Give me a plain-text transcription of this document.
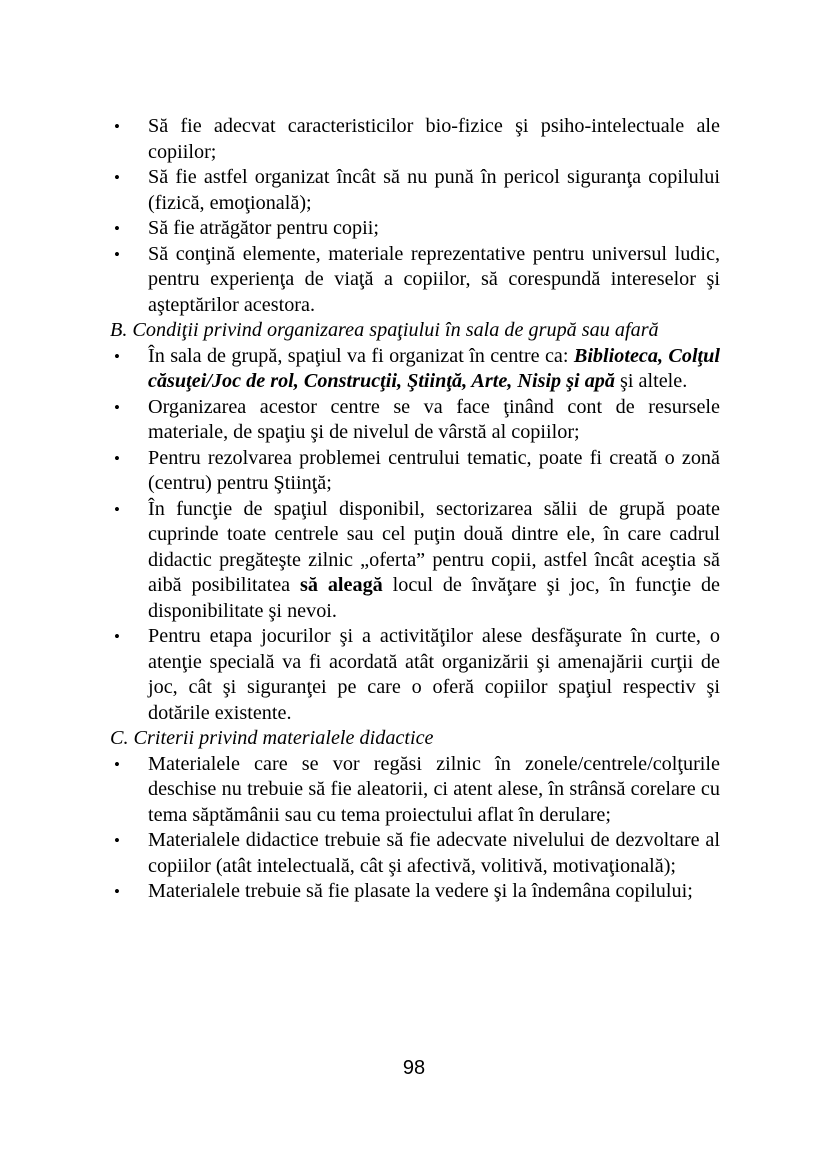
•	Să fie adecvat caracteristicilor bio-fizice şi psiho-intelectuale ale copiilor;
•	Să fie astfel organizat încât să nu pună în pericol siguranţa copilului (fizică, emoţională);
•	Să fie atrăgător pentru copii;
•	Să conţină elemente, materiale reprezentative pentru universul ludic, pentru experienţa de viaţă a copiilor, să corespundă intereselor şi aşteptărilor acestora.

B. Condiţii privind organizarea spaţiului în sala de grupă sau afară

•	În sala de grupă, spaţiul va fi organizat în centre ca: Biblioteca, Colţul căsuţei/Joc de rol, Construcţii, Ştiinţă, Arte, Nisip şi apă şi altele.
•	Organizarea acestor centre se va face ţinând cont de resursele materiale, de spaţiu şi de nivelul de vârstă al copiilor;
•	Pentru rezolvarea problemei centrului tematic, poate fi creată o zonă (centru) pentru Ştiinţă;
•	În funcţie de spaţiul disponibil, sectorizarea sălii de grupă poate cuprinde toate centrele sau cel puţin două dintre ele, în care cadrul didactic pregăteşte zilnic „oferta” pentru copii, astfel încât aceştia să aibă posibilitatea să aleagă locul de învăţare şi joc, în funcţie de disponibilitate şi nevoi.
•	Pentru etapa jocurilor şi a activităţilor alese desfăşurate în curte, o atenţie specială va fi acordată atât organizării şi amenajării curţii de joc, cât şi siguranţei pe care o oferă copiilor spaţiul respectiv şi dotările existente.

C. Criterii privind materialele didactice

•	Materialele care se vor regăsi zilnic în zonele/centrele/colţurile deschise nu trebuie să fie aleatorii, ci atent alese, în strânsă corelare cu tema săptămânii sau cu tema proiectului aflat în derulare;
•	Materialele didactice trebuie să fie adecvate nivelului de dezvoltare al copiilor (atât intelectuală, cât şi afectivă, volitivă, motivaţională);
•	Materialele trebuie să fie plasate la vedere şi la îndemâna copilului;
98
